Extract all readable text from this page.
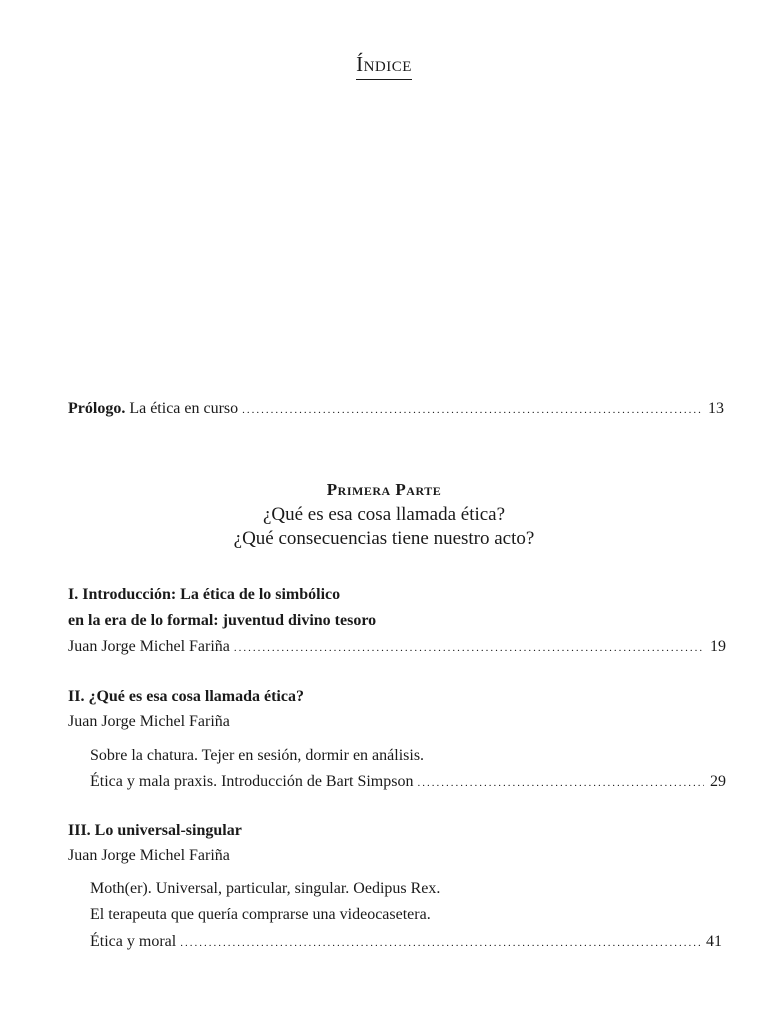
Índice
Prólogo. La ética en curso .....	13
Primera Parte
¿Qué es esa cosa llamada ética?
¿Qué consecuencias tiene nuestro acto?
I. Introducción: La ética de lo simbólico
en la era de lo formal: juventud divino tesoro
Juan Jorge Michel Fariña .....	19
II. ¿Qué es esa cosa llamada ética?
Juan Jorge Michel Fariña
Sobre la chatura. Tejer en sesión, dormir en análisis.
Ética y mala praxis. Introducción de Bart Simpson .....	29
III. Lo universal-singular
Juan Jorge Michel Fariña
Moth(er). Universal, particular, singular. Oedipus Rex.
El terapeuta que quería comprarse una videocasetera.
Ética y moral .....	41
